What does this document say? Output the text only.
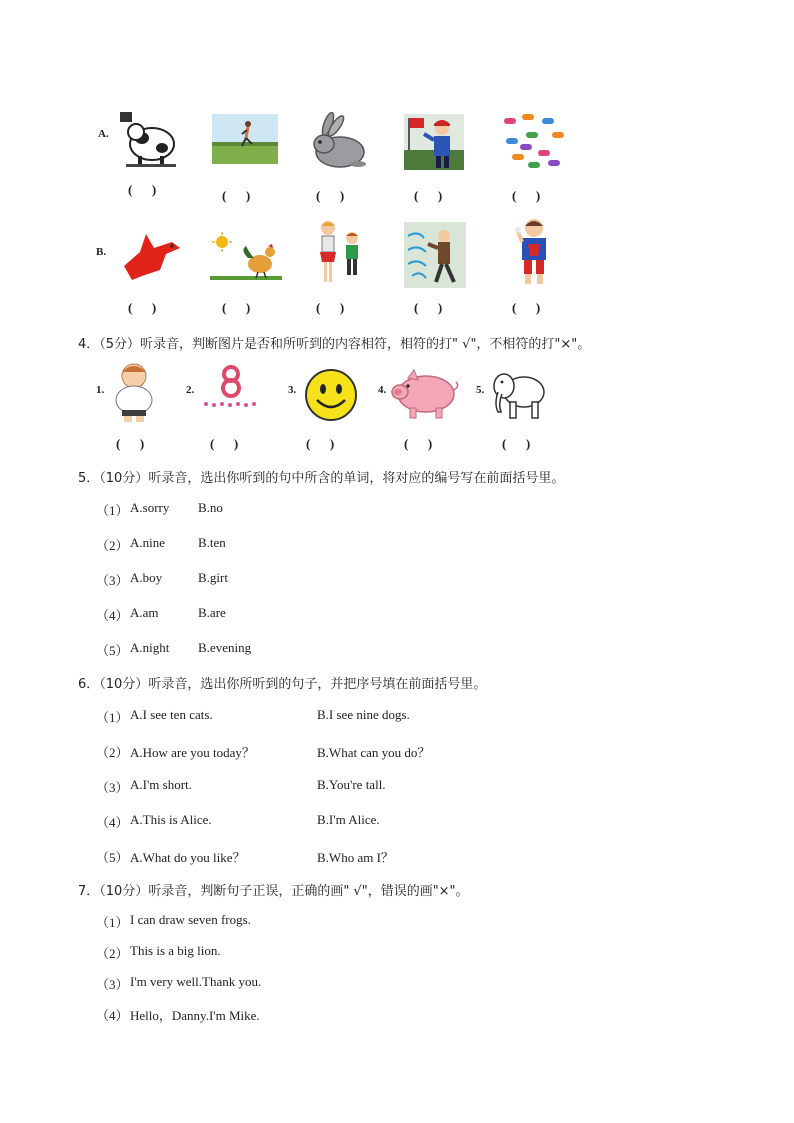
A.
(      )	(      )	(      )	(      )	(      )
B.
(      )	(      )	(      )	(      )	(      )
4．（5分）听录音，判断图片是否和所听到的内容相符，相符的打" √"，不相符的打"×"。
1.
(      )
2.
(      )
3.
(      )
4.
(      )
5.
(      )
5．（10分）听录音，选出你听到的句中所含的单词，将对应的编号写在前面括号里。
（1） A.sorry B.no
（2） A.nine	B.ten
（3） A.boy	B.girt
（4） A.am	B.are
（5） A.night B.evening
6．（10分）听录音，选出你所听到的句子，并把序号填在前面括号里。
（1） A.I see ten cats.	B.I see nine dogs.
（2） A.How are you today？	B.What can you do？
（3） A.I'm short.	B.You're tall.
（4） A.This is Alice.	B.I'm Alice.
（5） A.What do you like？	B.Who am I？
7．（10分）听录音，判断句子正误，正确的画" √"，错误的画"×"。
（1） I can draw seven frogs.
（2） This is a big lion.
（3） I'm very well.Thank you.
（4） Hello，Danny.I'm Mike.
